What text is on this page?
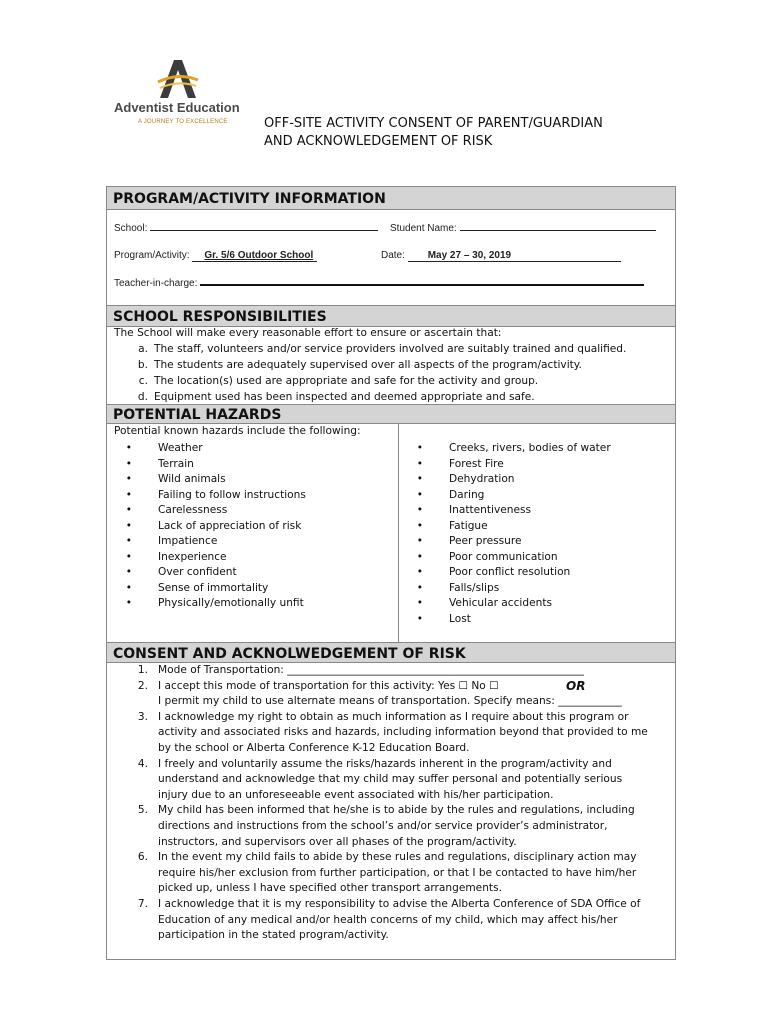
Adventist Education
A JOURNEY TO EXCELLENCE	OFF-SITE ACTIVITY CONSENT OF PARENT/GUARDIAN
AND ACKNOWLEDGEMENT OF RISK
PROGRAM/ACTIVITY INFORMATION
School:	Student Name:
Program/Activity: Gr. 5/6 Outdoor School	Date: May 27 – 30, 2019
Teacher-in-charge:
SCHOOL RESPONSIBILITIES
The School will make every reasonable effort to ensure or ascertain that:
a. The staff, volunteers and/or service providers involved are suitably trained and qualified.
b. The students are adequately supervised over all aspects of the program/activity.
c. The location(s) used are appropriate and safe for the activity and group.
d. Equipment used has been inspected and deemed appropriate and safe.
POTENTIAL HAZARDS
Potential known hazards include the following:
• Weather
• Terrain
• Wild animals
• Failing to follow instructions
• Carelessness
• Lack of appreciation of risk
• Impatience
• Inexperience
• Over confident
• Sense of immortality
• Physically/emotionally unfit
• Creeks, rivers, bodies of water
• Forest Fire
• Dehydration
• Daring
• Inattentiveness
• Fatigue
• Peer pressure
• Poor communication
• Poor conflict resolution
• Falls/slips
• Vehicular accidents
• Lost
CONSENT AND ACKNOLWEDGEMENT OF RISK
1. Mode of Transportation: ________________________________________________________
2. I accept this mode of transportation for this activity: Yes ☐ No ☐	OR
I permit my child to use alternate means of transportation. Specify means: ____________
3. I acknowledge my right to obtain as much information as I require about this program or
activity and associated risks and hazards, including information beyond that provided to me
by the school or Alberta Conference K-12 Education Board.
4. I freely and voluntarily assume the risks/hazards inherent in the program/activity and
understand and acknowledge that my child may suffer personal and potentially serious
injury due to an unforeseeable event associated with his/her participation.
5. My child has been informed that he/she is to abide by the rules and regulations, including
directions and instructions from the school’s and/or service provider’s administrator,
instructors, and supervisors over all phases of the program/activity.
6. In the event my child fails to abide by these rules and regulations, disciplinary action may
require his/her exclusion from further participation, or that I be contacted to have him/her
picked up, unless I have specified other transport arrangements.
7. I acknowledge that it is my responsibility to advise the Alberta Conference of SDA Office of
Education of any medical and/or health concerns of my child, which may affect his/her
participation in the stated program/activity.
